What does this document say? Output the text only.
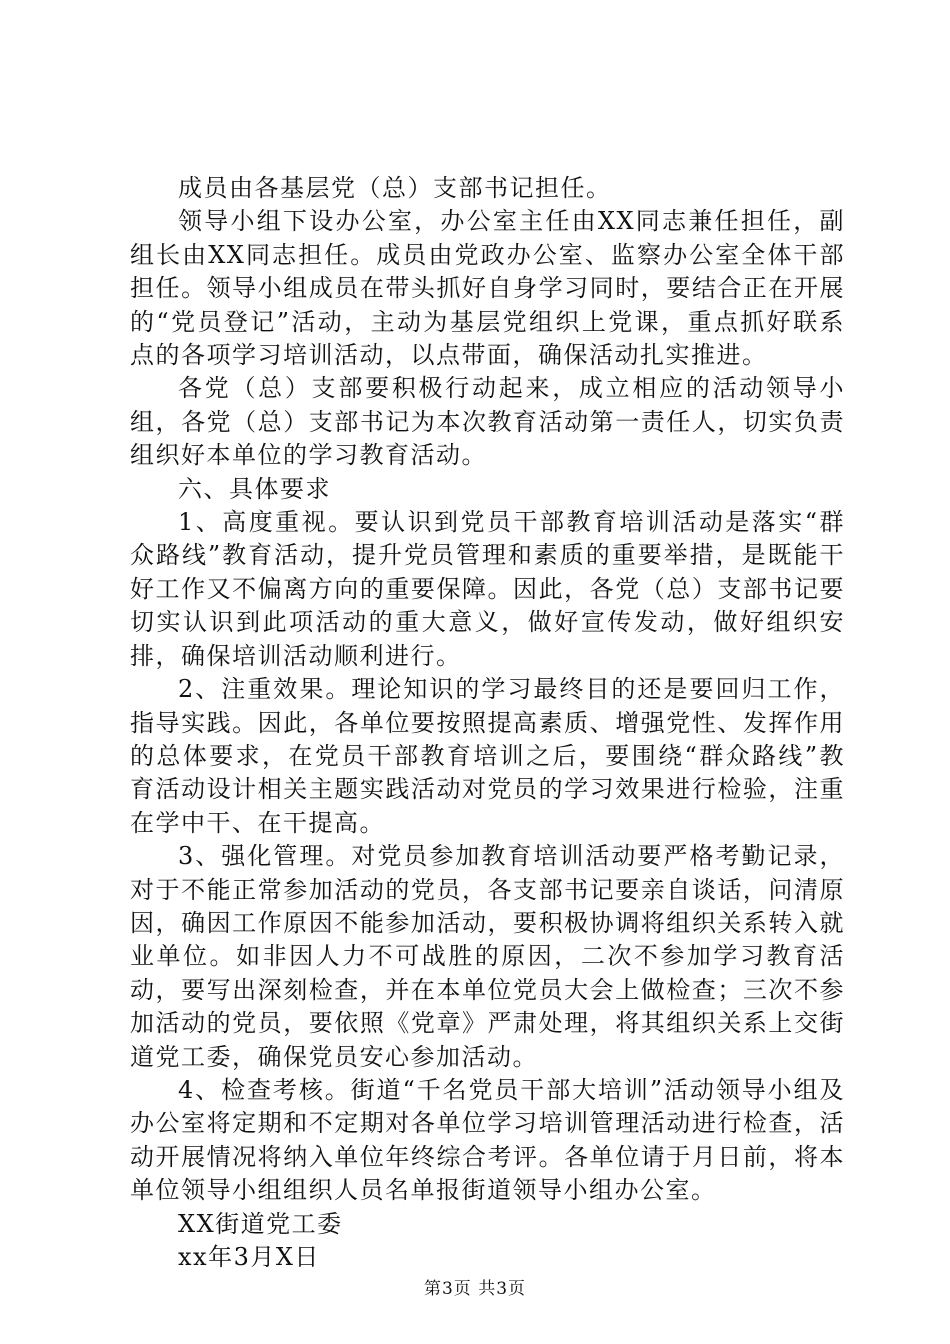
成员由各基层党（总）支部书记担任。

领导小组下设办公室，办公室主任由XX同志兼任担任，副组长由XX同志担任。成员由党政办公室、监察办公室全体干部担任。领导小组成员在带头抓好自身学习同时，要结合正在开展的“党员登记”活动，主动为基层党组织上党课，重点抓好联系点的各项学习培训活动，以点带面，确保活动扎实推进。

各党（总）支部要积极行动起来，成立相应的活动领导小组，各党（总）支部书记为本次教育活动第一责任人，切实负责组织好本单位的学习教育活动。

六、具体要求

1、高度重视。要认识到党员干部教育培训活动是落实“群众路线”教育活动，提升党员管理和素质的重要举措，是既能干好工作又不偏离方向的重要保障。因此，各党（总）支部书记要切实认识到此项活动的重大意义，做好宣传发动，做好组织安排，确保培训活动顺利进行。

2、注重效果。理论知识的学习最终目的还是要回归工作，指导实践。因此，各单位要按照提高素质、增强党性、发挥作用的总体要求，在党员干部教育培训之后，要围绕“群众路线”教育活动设计相关主题实践活动对党员的学习效果进行检验，注重在学中干、在干提高。

3、强化管理。对党员参加教育培训活动要严格考勤记录，对于不能正常参加活动的党员，各支部书记要亲自谈话，问清原因，确因工作原因不能参加活动，要积极协调将组织关系转入就业单位。如非因人力不可战胜的原因，二次不参加学习教育活动，要写出深刻检查，并在本单位党员大会上做检查；三次不参加活动的党员，要依照《党章》严肃处理，将其组织关系上交街道党工委，确保党员安心参加活动。

4、检查考核。街道“千名党员干部大培训”活动领导小组及办公室将定期和不定期对各单位学习培训管理活动进行检查，活动开展情况将纳入单位年终综合考评。各单位请于月日前，将本单位领导小组组织人员名单报街道领导小组办公室。

XX街道党工委

xx年3月X日

第3页 共3页
